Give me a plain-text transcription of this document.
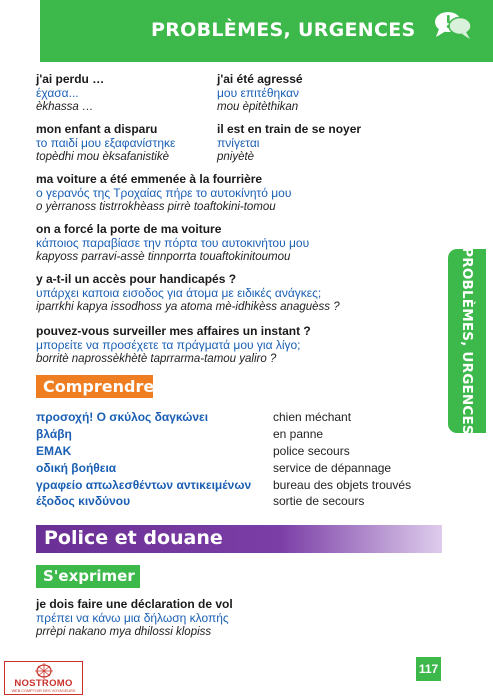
PROBLÈMES, URGENCES
PROBLÈMES, URGENCES
j'ai perdu …
έχασα...
èkhassa …
j'ai été agressé
μου επιτέθηκαν
mou èpitèthikan
mon enfant a disparu
το παιδί μου εξαφανίστηκε
topèdhi mou èksafanistikè
il est en train de se noyer
πνίγεται
pniyètè
ma voiture a été emmenée à la fourrière
ο γερανός της Τροχαίας πήρε το αυτοκίνητό μου
o yèrranoss tistrrokhèass pirrè toaftokini-tomou
on a forcé la porte de ma voiture
κάποιος παραβίασε την πόρτα του αυτοκινήτου μου
kapyoss parravi-assè tinnporrta touaftokinitoumou
y a-t-il un accès pour handicapés ?
υπάρχει καποια εισοδος για άτομα με ειδικές ανάγκες;
iparrkhi kapya issodhoss ya atoma mè-idhikèss anaguèss ?
pouvez-vous surveiller mes affaires un instant ?
μπορείτε να προσέχετε τα πράγματά μου για λίγο;
borritè naprossèkhètè taprrarma-tamou yaliro ?
Comprendre
προσοχή! Ο σκύλος δαγκώνει	chien méchant
βλάβη	en panne
ΕΜΑΚ	police secours
οδική βοήθεια	service de dépannage
γραφείο απωλεσθέντων αντικειμένων	bureau des objets trouvés
έξοδος κινδύνου	sortie de secours
Police et douane
S'exprimer
je dois faire une déclaration de vol
πρέπει να κάνω μια δήλωση κλοπής
prrèpi nakano mya dhilossi klopiss
117
NOSTROMO
WEB COMPTOIR DES VOYAGEURS
